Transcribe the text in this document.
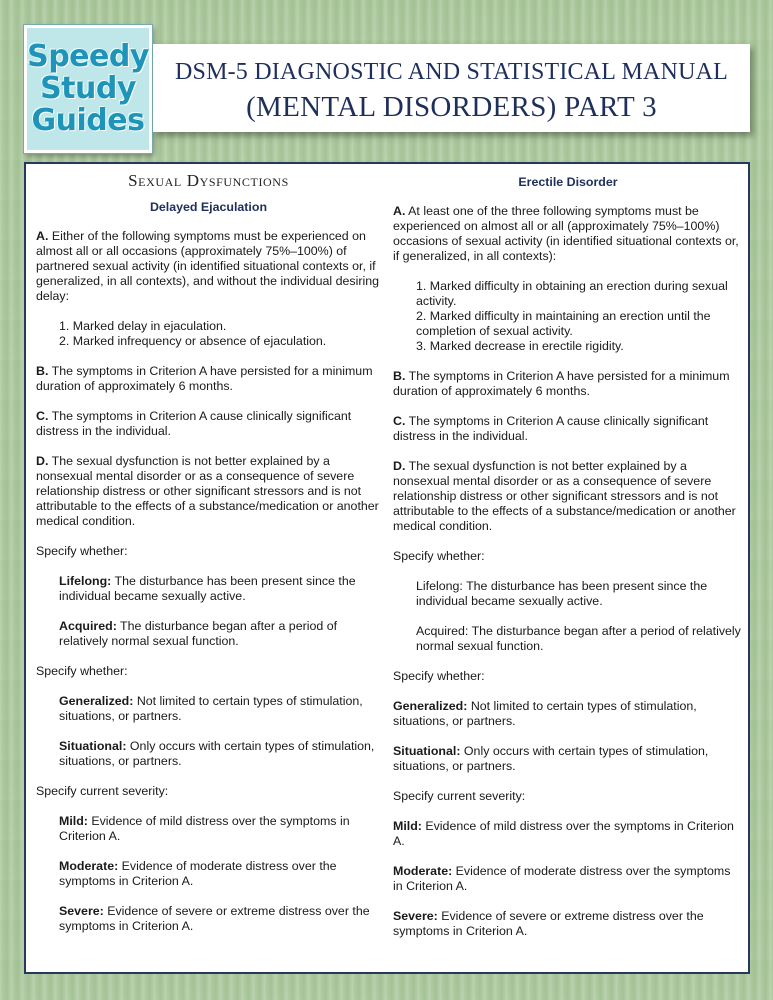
Speedy
Study
Guides
DSM-5 DIAGNOSTIC AND STATISTICAL MANUAL
(MENTAL DISORDERS) PART 3
Sexual Dysfunctions
Delayed Ejaculation
A. Either of the following symptoms must be experienced on almost all or all occasions (approximately 75%–100%) of partnered sexual activity (in identified situational contexts or, if generalized, in all contexts), and without the individual desiring delay:
1. Marked delay in ejaculation.
2. Marked infrequency or absence of ejaculation.
B. The symptoms in Criterion A have persisted for a minimum duration of approximately 6 months.
C. The symptoms in Criterion A cause clinically significant distress in the individual.
D. The sexual dysfunction is not better explained by a nonsexual mental disorder or as a consequence of severe relationship distress or other significant stressors and is not attributable to the effects of a substance/medication or another medical condition.
Specify whether:
Lifelong: The disturbance has been present since the individual became sexually active.
Acquired: The disturbance began after a period of relatively normal sexual function.
Specify whether:
Generalized: Not limited to certain types of stimulation, situations, or partners.
Situational: Only occurs with certain types of stimulation, situations, or partners.
Specify current severity:
Mild: Evidence of mild distress over the symptoms in Criterion A.
Moderate: Evidence of moderate distress over the symptoms in Criterion A.
Severe: Evidence of severe or extreme distress over the symptoms in Criterion A.
Erectile Disorder
A. At least one of the three following symptoms must be experienced on almost all or all (approximately 75%–100%) occasions of sexual activity (in identified situational contexts or, if generalized, in all contexts):
1. Marked difficulty in obtaining an erection during sexual activity.
2. Marked difficulty in maintaining an erection until the completion of sexual activity.
3. Marked decrease in erectile rigidity.
B. The symptoms in Criterion A have persisted for a minimum duration of approximately 6 months.
C. The symptoms in Criterion A cause clinically significant distress in the individual.
D. The sexual dysfunction is not better explained by a nonsexual mental disorder or as a consequence of severe relationship distress or other significant stressors and is not attributable to the effects of a substance/medication or another medical condition.
Specify whether:
Lifelong: The disturbance has been present since the individual became sexually active.
Acquired: The disturbance began after a period of relatively normal sexual function.
Specify whether:
Generalized: Not limited to certain types of stimulation, situations, or partners.
Situational: Only occurs with certain types of stimulation, situations, or partners.
Specify current severity:
Mild: Evidence of mild distress over the symptoms in Criterion A.
Moderate: Evidence of moderate distress over the symptoms in Criterion A.
Severe: Evidence of severe or extreme distress over the symptoms in Criterion A.
